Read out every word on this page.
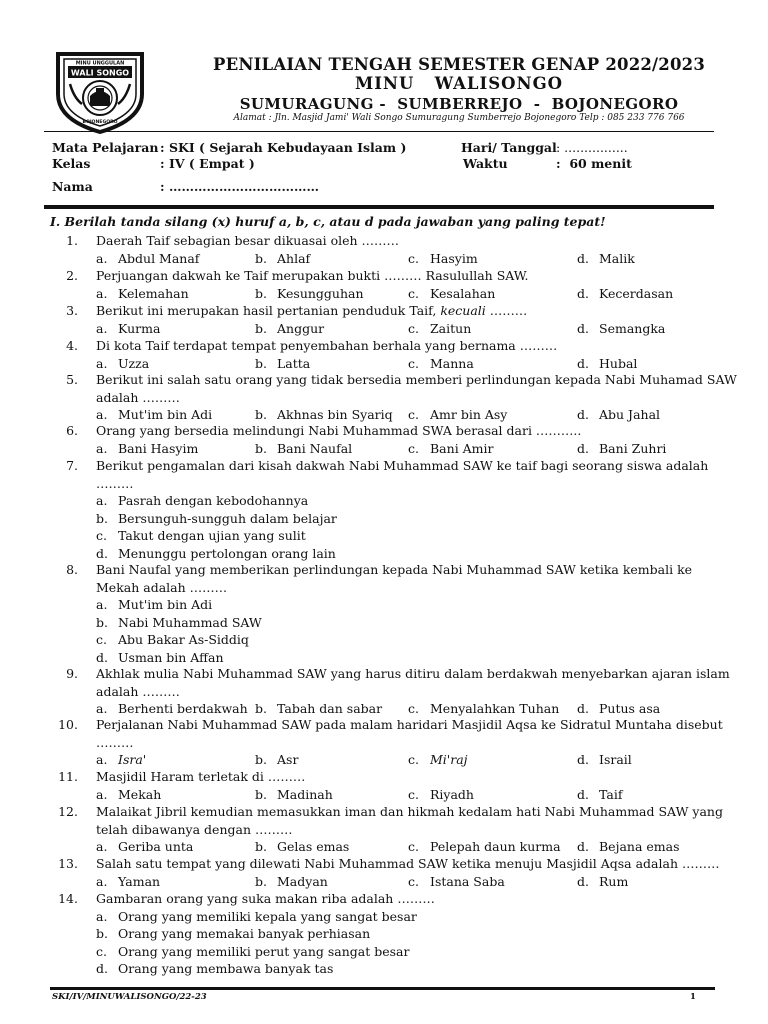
MINU UNGGULAN
WALI SONGO
BOJONEGORO
PENILAIAN TENGAH SEMESTER GENAP 2022/2023
MINU   WALISONGO
SUMURAGUNG -  SUMBERREJO  -  BOJONEGORO
Alamat : Jln. Masjid Jami' Wali Songo Sumuragung Sumberrejo Bojonegoro Telp : 085 233 776 766
Mata Pelajaran : SKI ( Sejarah Kebudayaan Islam )
Kelas	: IV ( Empat )
Nama	: ………………………………
Hari/ Tanggal : ................
Waktu	:  60 menit
I. Berilah tanda silang (x) huruf a, b, c, atau d pada jawaban yang paling tepat!
1. Daerah Taif sebagian besar dikuasai oleh ………
a. Abdul Manaf	b. Ahlaf	c. Hasyim	d. Malik
2. Perjuangan dakwah ke Taif merupakan bukti ……… Rasulullah SAW.
a. Kelemahan	b. Kesungguhan	c. Kesalahan	d. Kecerdasan
3. Berikut ini merupakan hasil pertanian penduduk Taif, kecuali ………
a. Kurma	b. Anggur	c. Zaitun	d. Semangka
4. Di kota Taif terdapat tempat penyembahan berhala yang bernama ………
a. Uzza	b. Latta	c. Manna	d. Hubal
5. Berikut ini salah satu orang yang tidak bersedia memberi perlindungan kepada Nabi Muhamad SAW
adalah ………
a. Mut'im bin Adi	b. Akhnas bin Syariq c. Amr bin Asy	d. Abu Jahal
6. Orang yang bersedia melindungi Nabi Muhammad SWA berasal dari ………..
a. Bani Hasyim	b. Bani Naufal	c. Bani Amir	d. Bani Zuhri
7. Berikut pengamalan dari kisah dakwah Nabi Muhammad SAW ke taif bagi seorang siswa adalah
………
a. Pasrah dengan kebodohannya
b. Bersunguh-sungguh dalam belajar
c. Takut dengan ujian yang sulit
d. Menunggu pertolongan orang lain
8. Bani Naufal yang memberikan perlindungan kepada Nabi Muhammad SAW ketika kembali ke
Mekah adalah ………
a. Mut'im bin Adi
b. Nabi Muhammad SAW
c. Abu Bakar As-Siddiq
d. Usman bin Affan
9. Akhlak mulia Nabi Muhammad SAW yang harus ditiru dalam berdakwah menyebarkan ajaran islam
adalah ………
a. Berhenti berdakwah b. Tabah dan sabar c. Menyalahkan Tuhan d. Putus asa
10. Perjalanan Nabi Muhammad SAW pada malam haridari Masjidil Aqsa ke Sidratul Muntaha disebut
………
a. Isra'	b. Asr	c. Mi'raj	d. Israil
11. Masjidil Haram terletak di ………
a. Mekah	b. Madinah	c. Riyadh	d. Taif
12. Malaikat Jibril kemudian memasukkan iman dan hikmah kedalam hati Nabi Muhammad SAW yang
telah dibawanya dengan ………
a. Geriba unta	b. Gelas emas	c. Pelepah daun kurma d. Bejana emas
13. Salah satu tempat yang dilewati Nabi Muhammad SAW ketika menuju Masjidil Aqsa adalah ………
a. Yaman	b. Madyan	c. Istana Saba	d. Rum
14. Gambaran orang yang suka makan riba adalah ………
a. Orang yang memiliki kepala yang sangat besar
b. Orang yang memakai banyak perhiasan
c. Orang yang memiliki perut yang sangat besar
d. Orang yang membawa banyak tas
SKI/IV/MINUWALISONGO/22-23	1
